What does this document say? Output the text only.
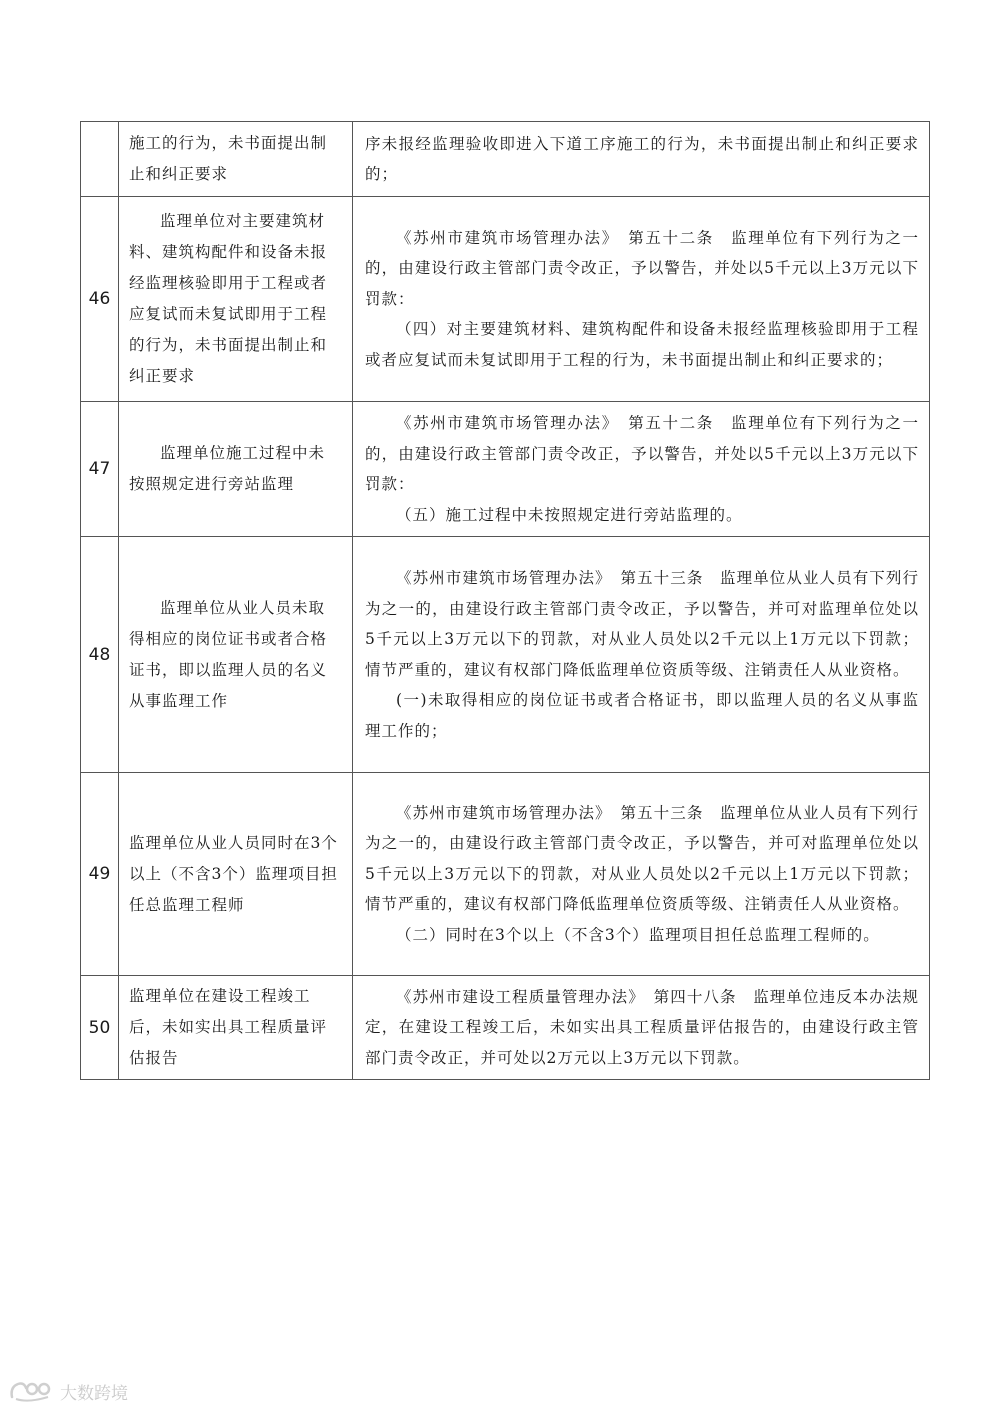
	施工的行为，未书面提出制止和纠正要求	序未报经监理验收即进入下道工序施工的行为，未书面提出制止和纠正要求的；

46	监理单位对主要建筑材料、建筑构配件和设备未报经监理核验即用于工程或者应复试而未复试即用于工程的行为，未书面提出制止和纠正要求	《苏州市建筑市场管理办法》　第五十二条　监理单位有下列行为之一的，由建设行政主管部门责令改正，予以警告，并处以5千元以上3万元以下罚款：

（四）对主要建筑材料、建筑构配件和设备未报经监理核验即用于工程或者应复试而未复试即用于工程的行为，未书面提出制止和纠正要求的；

47	监理单位施工过程中未按照规定进行旁站监理	《苏州市建筑市场管理办法》　第五十二条　监理单位有下列行为之一的，由建设行政主管部门责令改正，予以警告，并处以5千元以上3万元以下罚款：

（五）施工过程中未按照规定进行旁站监理的。

48	监理单位从业人员未取得相应的岗位证书或者合格证书，即以监理人员的名义从事监理工作	《苏州市建筑市场管理办法》　第五十三条　监理单位从业人员有下列行为之一的，由建设行政主管部门责令改正，予以警告，并可对监理单位处以5千元以上3万元以下的罚款，对从业人员处以2千元以上1万元以下罚款；情节严重的，建议有权部门降低监理单位资质等级、注销责任人从业资格。

(一)未取得相应的岗位证书或者合格证书，即以监理人员的名义从事监理工作的；

49	监理单位从业人员同时在3个以上（不含3个）监理项目担任总监理工程师	《苏州市建筑市场管理办法》　第五十三条　监理单位从业人员有下列行为之一的，由建设行政主管部门责令改正，予以警告，并可对监理单位处以5千元以上3万元以下的罚款，对从业人员处以2千元以上1万元以下罚款；情节严重的，建议有权部门降低监理单位资质等级、注销责任人从业资格。

（二）同时在3个以上（不含3个）监理项目担任总监理工程师的。

50	监理单位在建设工程竣工后，未如实出具工程质量评估报告	《苏州市建设工程质量管理办法》　第四十八条　监理单位违反本办法规定，在建设工程竣工后，未如实出具工程质量评估报告的，由建设行政主管部门责令改正，并可处以2万元以上3万元以下罚款。

大数跨境
